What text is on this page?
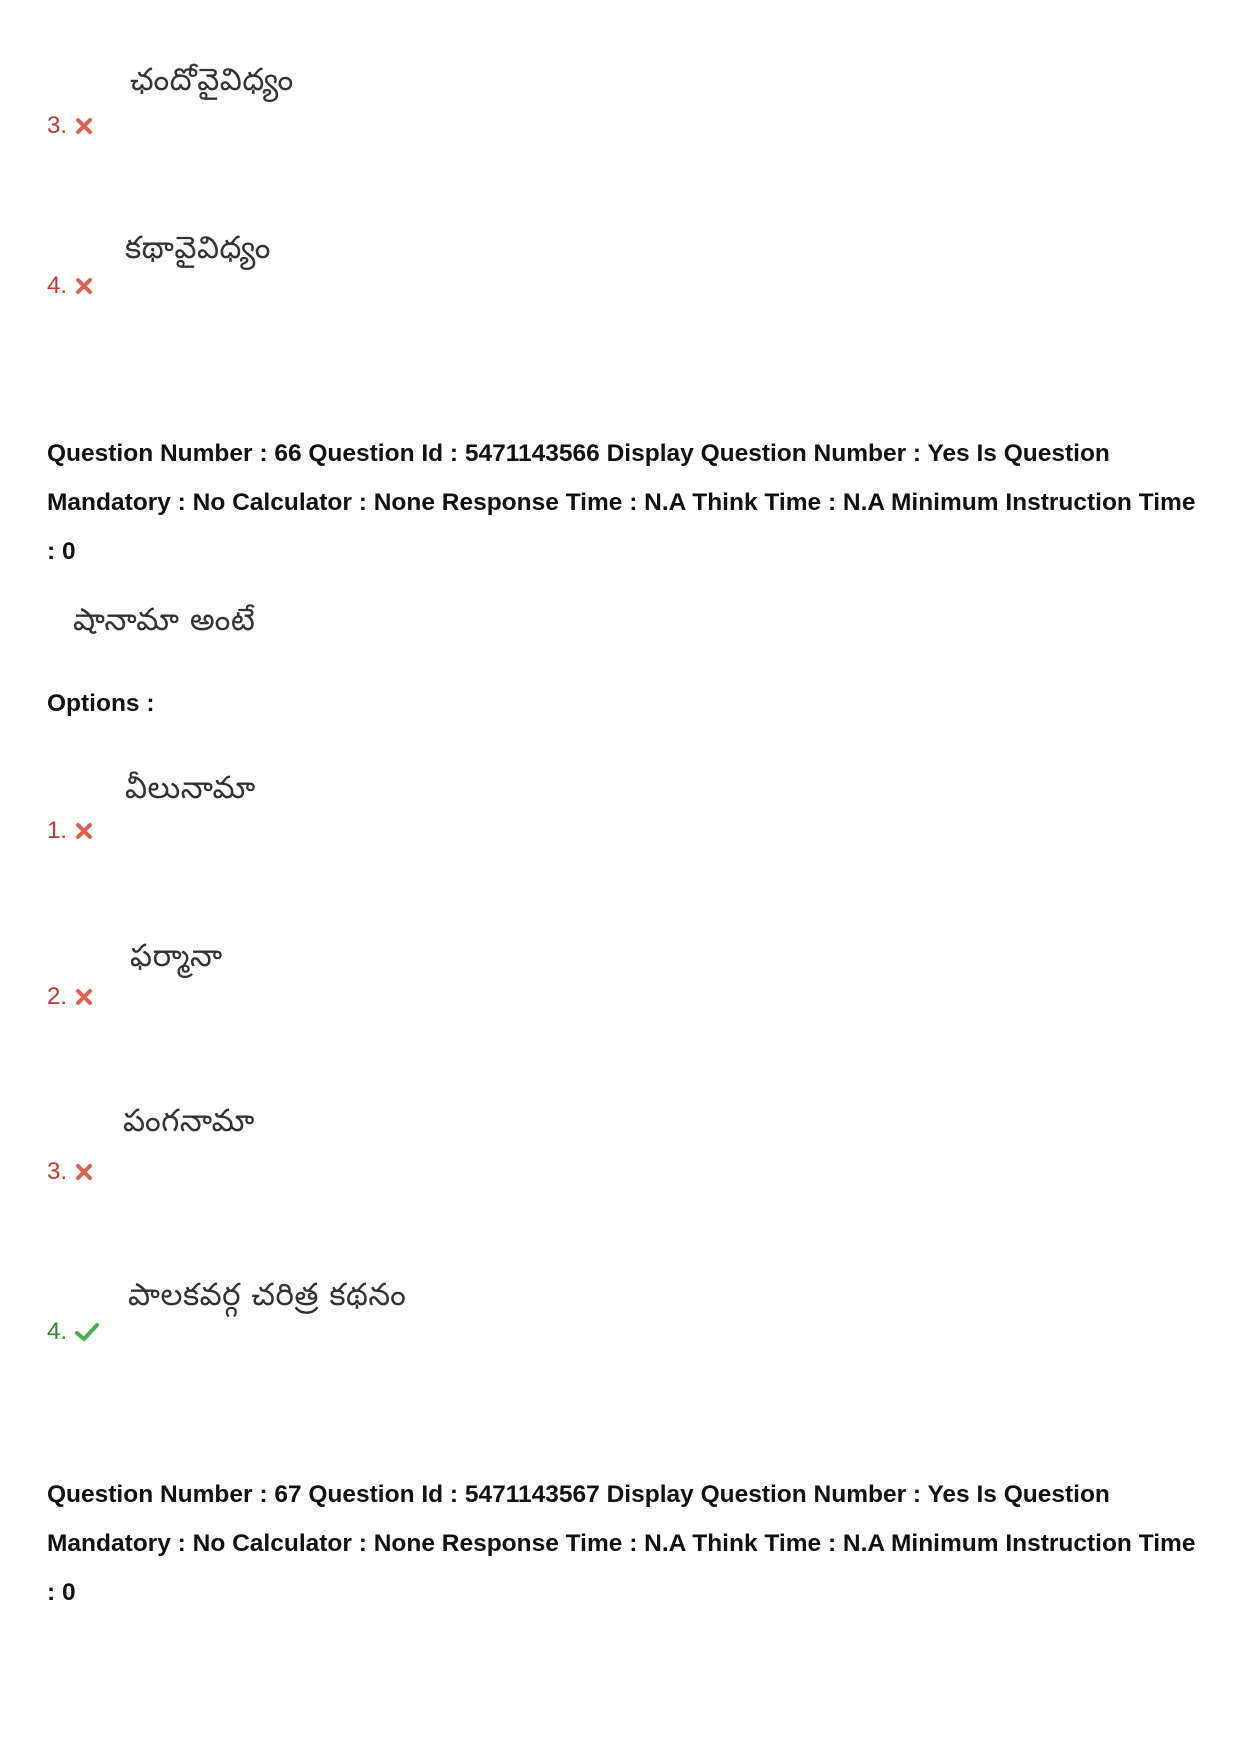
ఛందోవైవిధ్యం
3.
కథావైవిధ్యం
4.
Question Number : 66 Question Id : 5471143566 Display Question Number : Yes Is Question Mandatory : No Calculator : None Response Time : N.A Think Time : N.A Minimum Instruction Time : 0
షానామా అంటే
Options :
వీలునామా
1.
ఫర్మానా
2.
పంగనామా
3.
పాలకవర్గ చరిత్ర కథనం
4.
Question Number : 67 Question Id : 5471143567 Display Question Number : Yes Is Question Mandatory : No Calculator : None Response Time : N.A Think Time : N.A Minimum Instruction Time : 0
